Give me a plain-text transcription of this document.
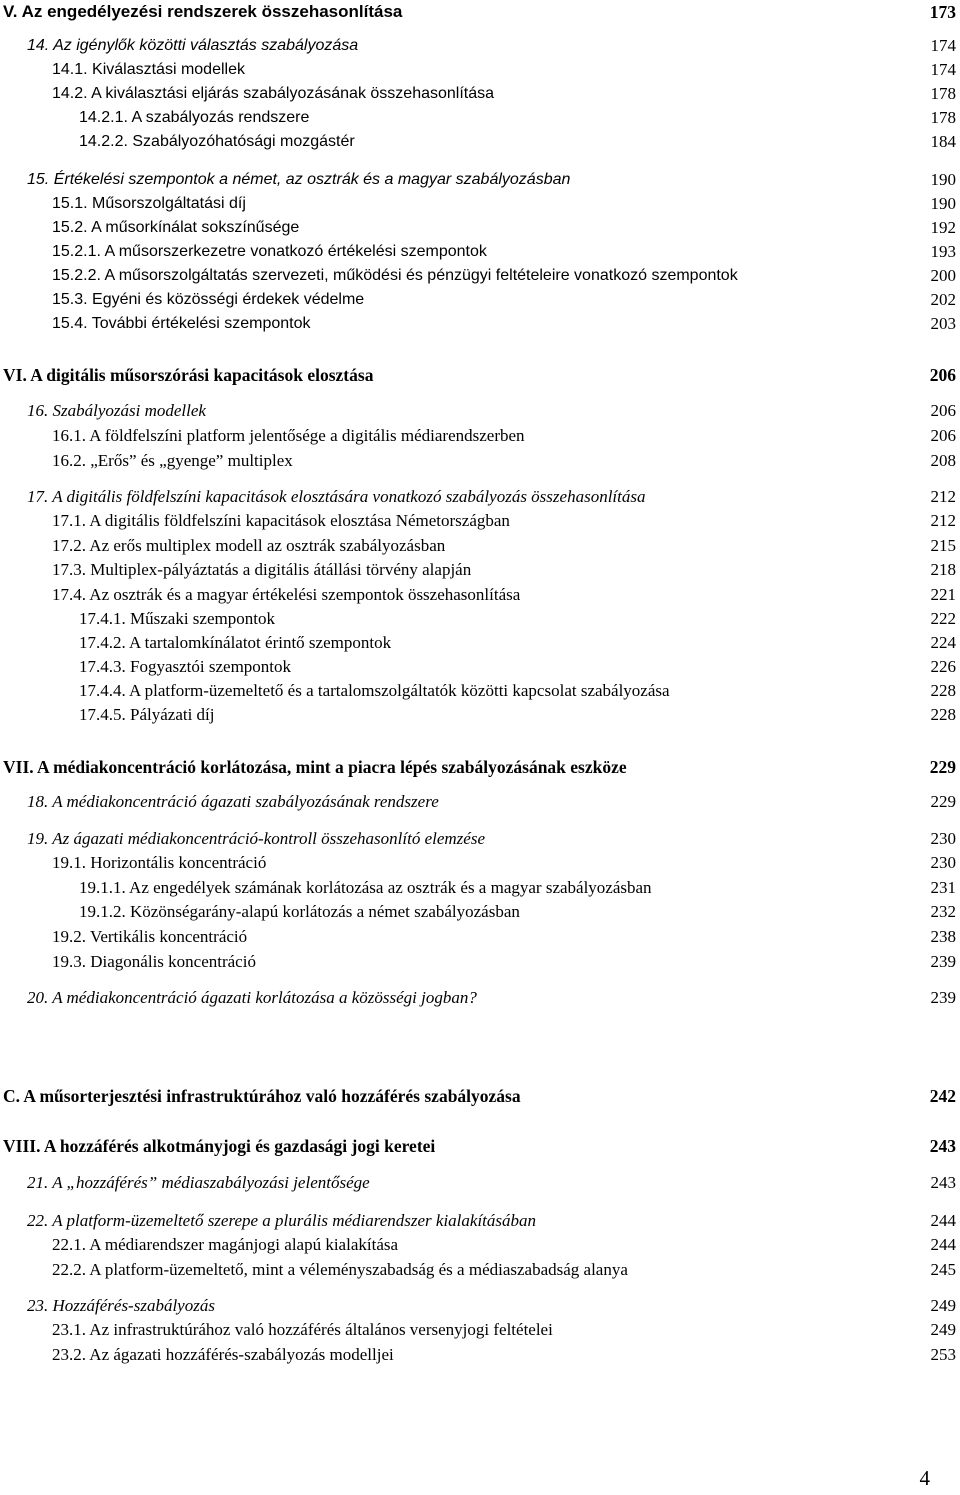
V. Az engedélyezési rendszerek összehasonlítása	173
14. Az igénylők közötti választás szabályozása	174
14.1. Kiválasztási modellek	174
14.2. A kiválasztási eljárás szabályozásának összehasonlítása	178
14.2.1. A szabályozás rendszere	178
14.2.2. Szabályozóhatósági mozgástér	184
15. Értékelési szempontok a német, az osztrák és a magyar szabályozásban	190
15.1. Műsorszolgáltatási díj	190
15.2. A műsorkínálat sokszínűsége	192
15.2.1. A műsorszerkezetre vonatkozó értékelési szempontok	193
15.2.2. A műsorszolgáltatás szervezeti, működési és pénzügyi feltételeire vonatkozó szempontok	200
15.3. Egyéni és közösségi érdekek védelme	202
15.4. További értékelési szempontok	203
VI. A digitális műsorszórási kapacitások elosztása	206
16. Szabályozási modellek	206
16.1. A földfelszíni platform jelentősége a digitális médiarendszerben	206
16.2. „Erős” és „gyenge” multiplex	208
17. A digitális földfelszíni kapacitások elosztására vonatkozó szabályozás összehasonlítása	212
17.1. A digitális földfelszíni kapacitások elosztása Németországban	212
17.2. Az erős multiplex modell az osztrák szabályozásban	215
17.3. Multiplex-pályáztatás a digitális átállási törvény alapján	218
17.4. Az osztrák és a magyar értékelési szempontok összehasonlítása	221
17.4.1. Műszaki szempontok	222
17.4.2. A tartalomkínálatot érintő szempontok	224
17.4.3. Fogyasztói szempontok	226
17.4.4. A platform-üzemeltető és a tartalomszolgáltatók közötti kapcsolat szabályozása	228
17.4.5. Pályázati díj	228
VII. A médiakoncentráció korlátozása, mint a piacra lépés szabályozásának eszköze	229
18. A médiakoncentráció ágazati szabályozásának rendszere	229
19. Az ágazati médiakoncentráció-kontroll összehasonlító elemzése	230
19.1. Horizontális koncentráció	230
19.1.1. Az engedélyek számának korlátozása az osztrák és a magyar szabályozásban	231
19.1.2. Közönségarány-alapú korlátozás a német szabályozásban	232
19.2. Vertikális koncentráció	238
19.3. Diagonális koncentráció	239
20. A médiakoncentráció ágazati korlátozása a közösségi jogban?	239
C. A műsorterjesztési infrastruktúrához való hozzáférés szabályozása	242
VIII. A hozzáférés alkotmányjogi és gazdasági jogi keretei	243
21. A „hozzáférés” médiaszabályozási jelentősége	243
22. A platform-üzemeltető szerepe a plurális médiarendszer kialakításában	244
22.1. A médiarendszer magánjogi alapú kialakítása	244
22.2. A platform-üzemeltető, mint a véleményszabadság és a médiaszabadság alanya	245
23. Hozzáférés-szabályozás	249
23.1. Az infrastruktúrához való hozzáférés általános versenyjogi feltételei	249
23.2. Az ágazati hozzáférés-szabályozás modelljei	253
4
